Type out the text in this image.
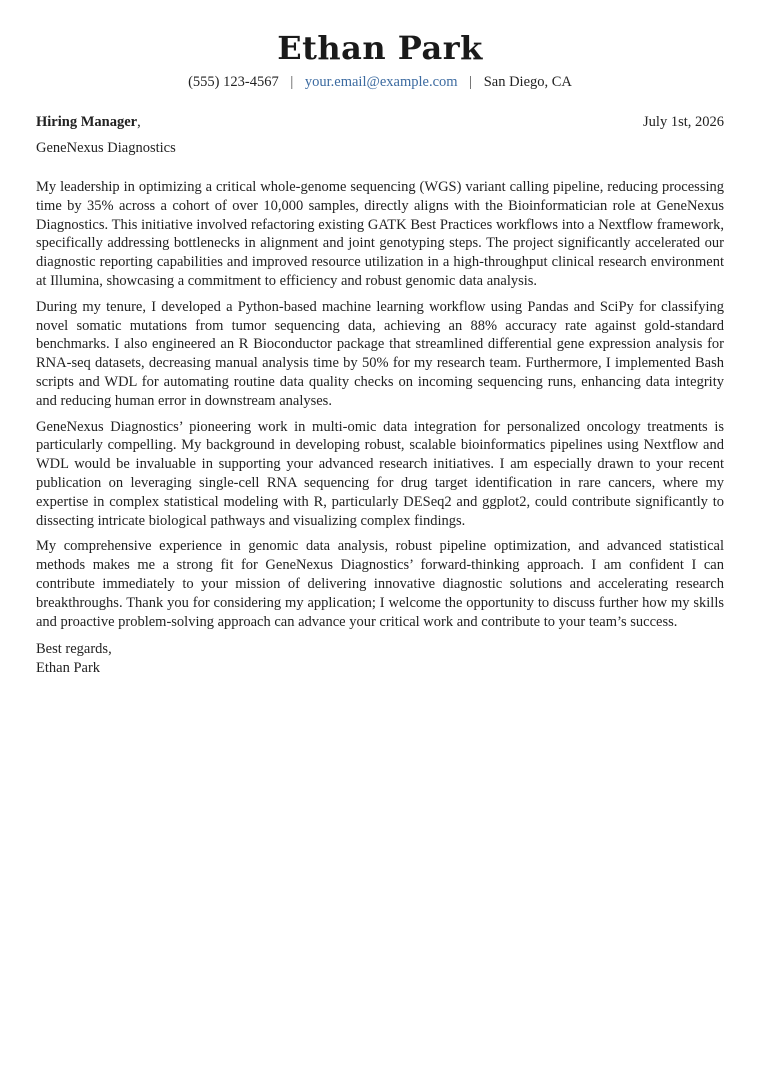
Ethan Park
(555) 123-4567 | your.email@example.com | San Diego, CA
Hiring Manager,	July 1st, 2026
GeneNexus Diagnostics

My leadership in optimizing a critical whole-genome sequencing (WGS) variant calling pipeline, reducing processing time by 35% across a cohort of over 10,000 samples, directly aligns with the Bioinformatician role at GeneNexus Diagnostics. This initiative involved refactoring existing GATK Best Practices workflows into a Nextflow framework, specifically addressing bottlenecks in alignment and joint genotyping steps. The project significantly accelerated our diagnostic reporting capabilities and improved resource utilization in a high-throughput clinical research environment at Illumina, showcasing a commitment to efficiency and robust genomic data analysis.

During my tenure, I developed a Python-based machine learning workflow using Pandas and SciPy for classifying novel somatic mutations from tumor sequencing data, achieving an 88% accuracy rate against gold-standard benchmarks. I also engineered an R Bioconductor package that streamlined differential gene expression analysis for RNA-seq datasets, decreasing manual analysis time by 50% for my research team. Furthermore, I implemented Bash scripts and WDL for automating routine data quality checks on incoming sequencing runs, enhancing data integrity and reducing human error in downstream analyses.

GeneNexus Diagnostics’ pioneering work in multi-omic data integration for personalized oncology treatments is particularly compelling. My background in developing robust, scalable bioinformatics pipelines using Nextflow and WDL would be invaluable in supporting your advanced research initiatives. I am especially drawn to your recent publication on leveraging single-cell RNA sequencing for drug target identification in rare cancers, where my expertise in complex statistical modeling with R, particularly DESeq2 and ggplot2, could contribute significantly to dissecting intricate biological pathways and visualizing complex findings.

My comprehensive experience in genomic data analysis, robust pipeline optimization, and advanced statistical methods makes me a strong fit for GeneNexus Diagnostics’ forward-thinking approach. I am confident I can contribute immediately to your mission of delivering innovative diagnostic solutions and accelerating research breakthroughs. Thank you for considering my application; I welcome the opportunity to discuss further how my skills and proactive problem-solving approach can advance your critical work and contribute to your team’s success.

Best regards,
Ethan Park
